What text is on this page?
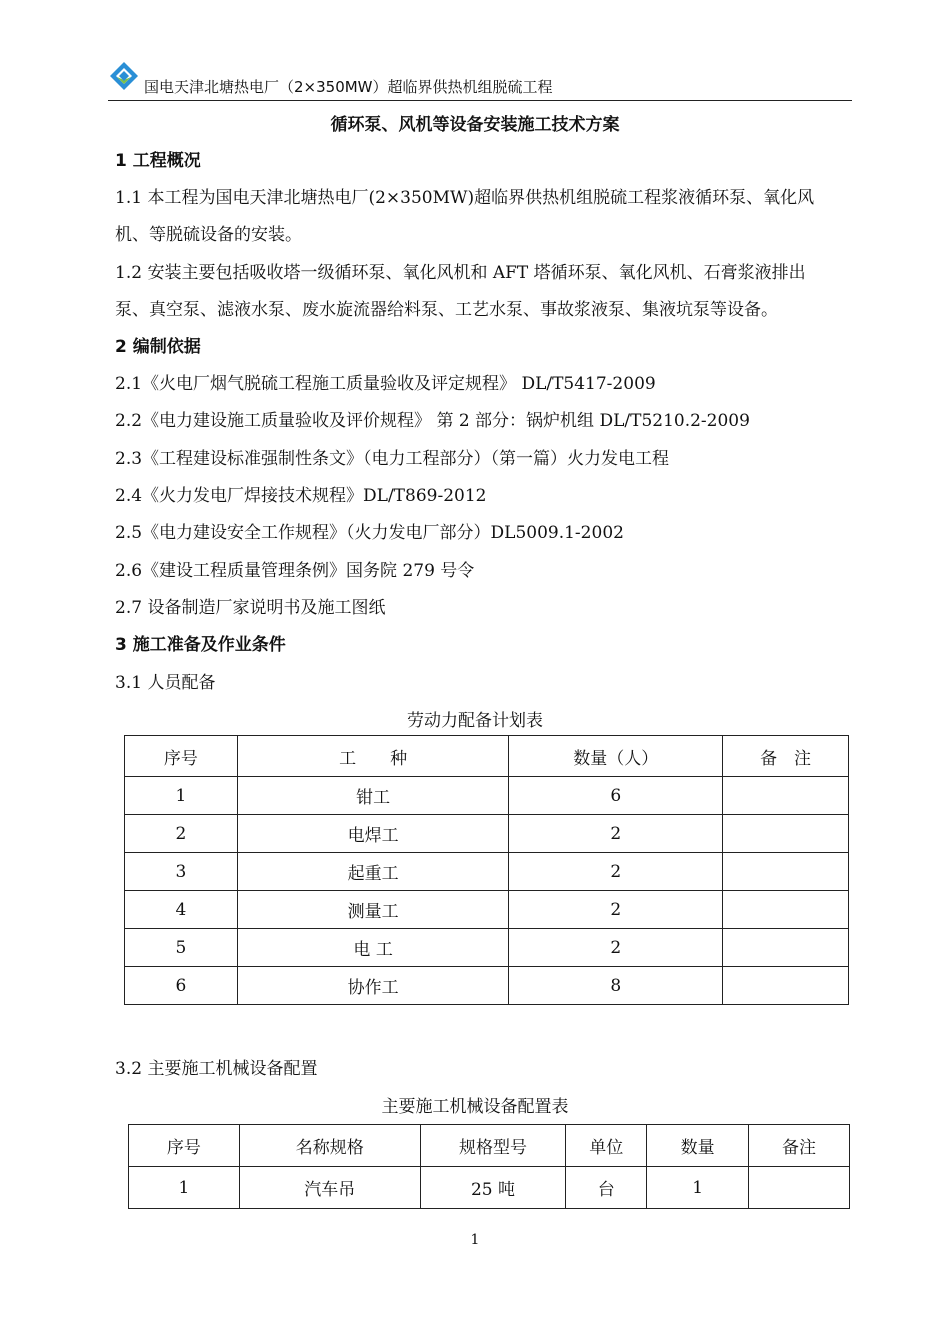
国电天津北塘热电厂（2×350MW）超临界供热机组脱硫工程
循环泵、风机等设备安装施工技术方案
1 工程概况
1.1 本工程为国电天津北塘热电厂(2×350MW)超临界供热机组脱硫工程浆液循环泵、氧化风
机、等脱硫设备的安装。
1.2 安装主要包括吸收塔一级循环泵、氧化风机和 AFT 塔循环泵、氧化风机、石膏浆液排出
泵、真空泵、滤液水泵、废水旋流器给料泵、工艺水泵、事故浆液泵、集液坑泵等设备。
2 编制依据
2.1《火电厂烟气脱硫工程施工质量验收及评定规程》 DL/T5417-2009
2.2《电力建设施工质量验收及评价规程》 第 2 部分：锅炉机组 DL/T5210.2-2009
2.3《工程建设标准强制性条文》（电力工程部分）（第一篇）火力发电工程
2.4《火力发电厂焊接技术规程》DL/T869-2012
2.5《电力建设安全工作规程》（火力发电厂部分）DL5009.1-2002
2.6《建设工程质量管理条例》国务院 279 号令
2.7 设备制造厂家说明书及施工图纸
3 施工准备及作业条件
3.1 人员配备
劳动力配备计划表
序号	工　　种	数量（人）	备　注
1	钳工	6	
2	电焊工	2	
3	起重工	2	
4	测量工	2	
5	电 工	2	
6	协作工	8	
3.2 主要施工机械设备配置
主要施工机械设备配置表
序号	名称规格	规格型号	单位	数量	备注
1	汽车吊	25 吨	台	1	
1
